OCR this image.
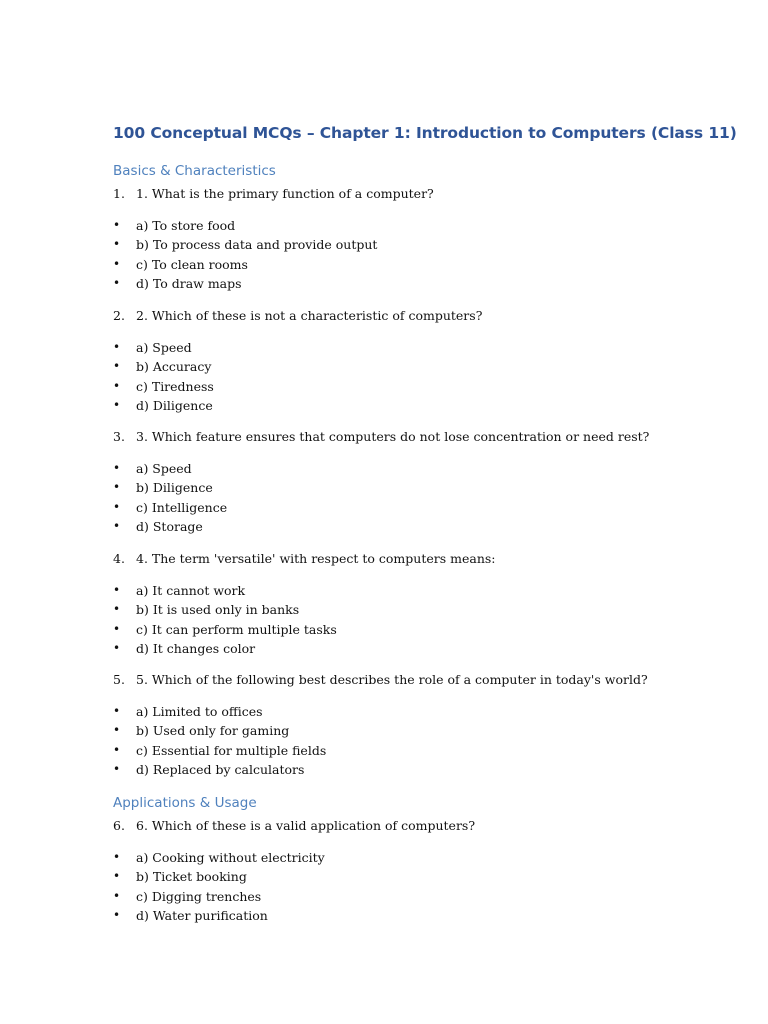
100 Conceptual MCQs – Chapter 1: Introduction to Computers (Class 11)
Basics & Characteristics
1. 1. What is the primary function of a computer?
• a) To store food
• b) To process data and provide output
• c) To clean rooms
• d) To draw maps
2. 2. Which of these is not a characteristic of computers?
• a) Speed
• b) Accuracy
• c) Tiredness
• d) Diligence
3. 3. Which feature ensures that computers do not lose concentration or need rest?
• a) Speed
• b) Diligence
• c) Intelligence
• d) Storage
4. 4. The term 'versatile' with respect to computers means:
• a) It cannot work
• b) It is used only in banks
• c) It can perform multiple tasks
• d) It changes color
5. 5. Which of the following best describes the role of a computer in today's world?
• a) Limited to offices
• b) Used only for gaming
• c) Essential for multiple fields
• d) Replaced by calculators
Applications & Usage
6. 6. Which of these is a valid application of computers?
• a) Cooking without electricity
• b) Ticket booking
• c) Digging trenches
• d) Water purification
